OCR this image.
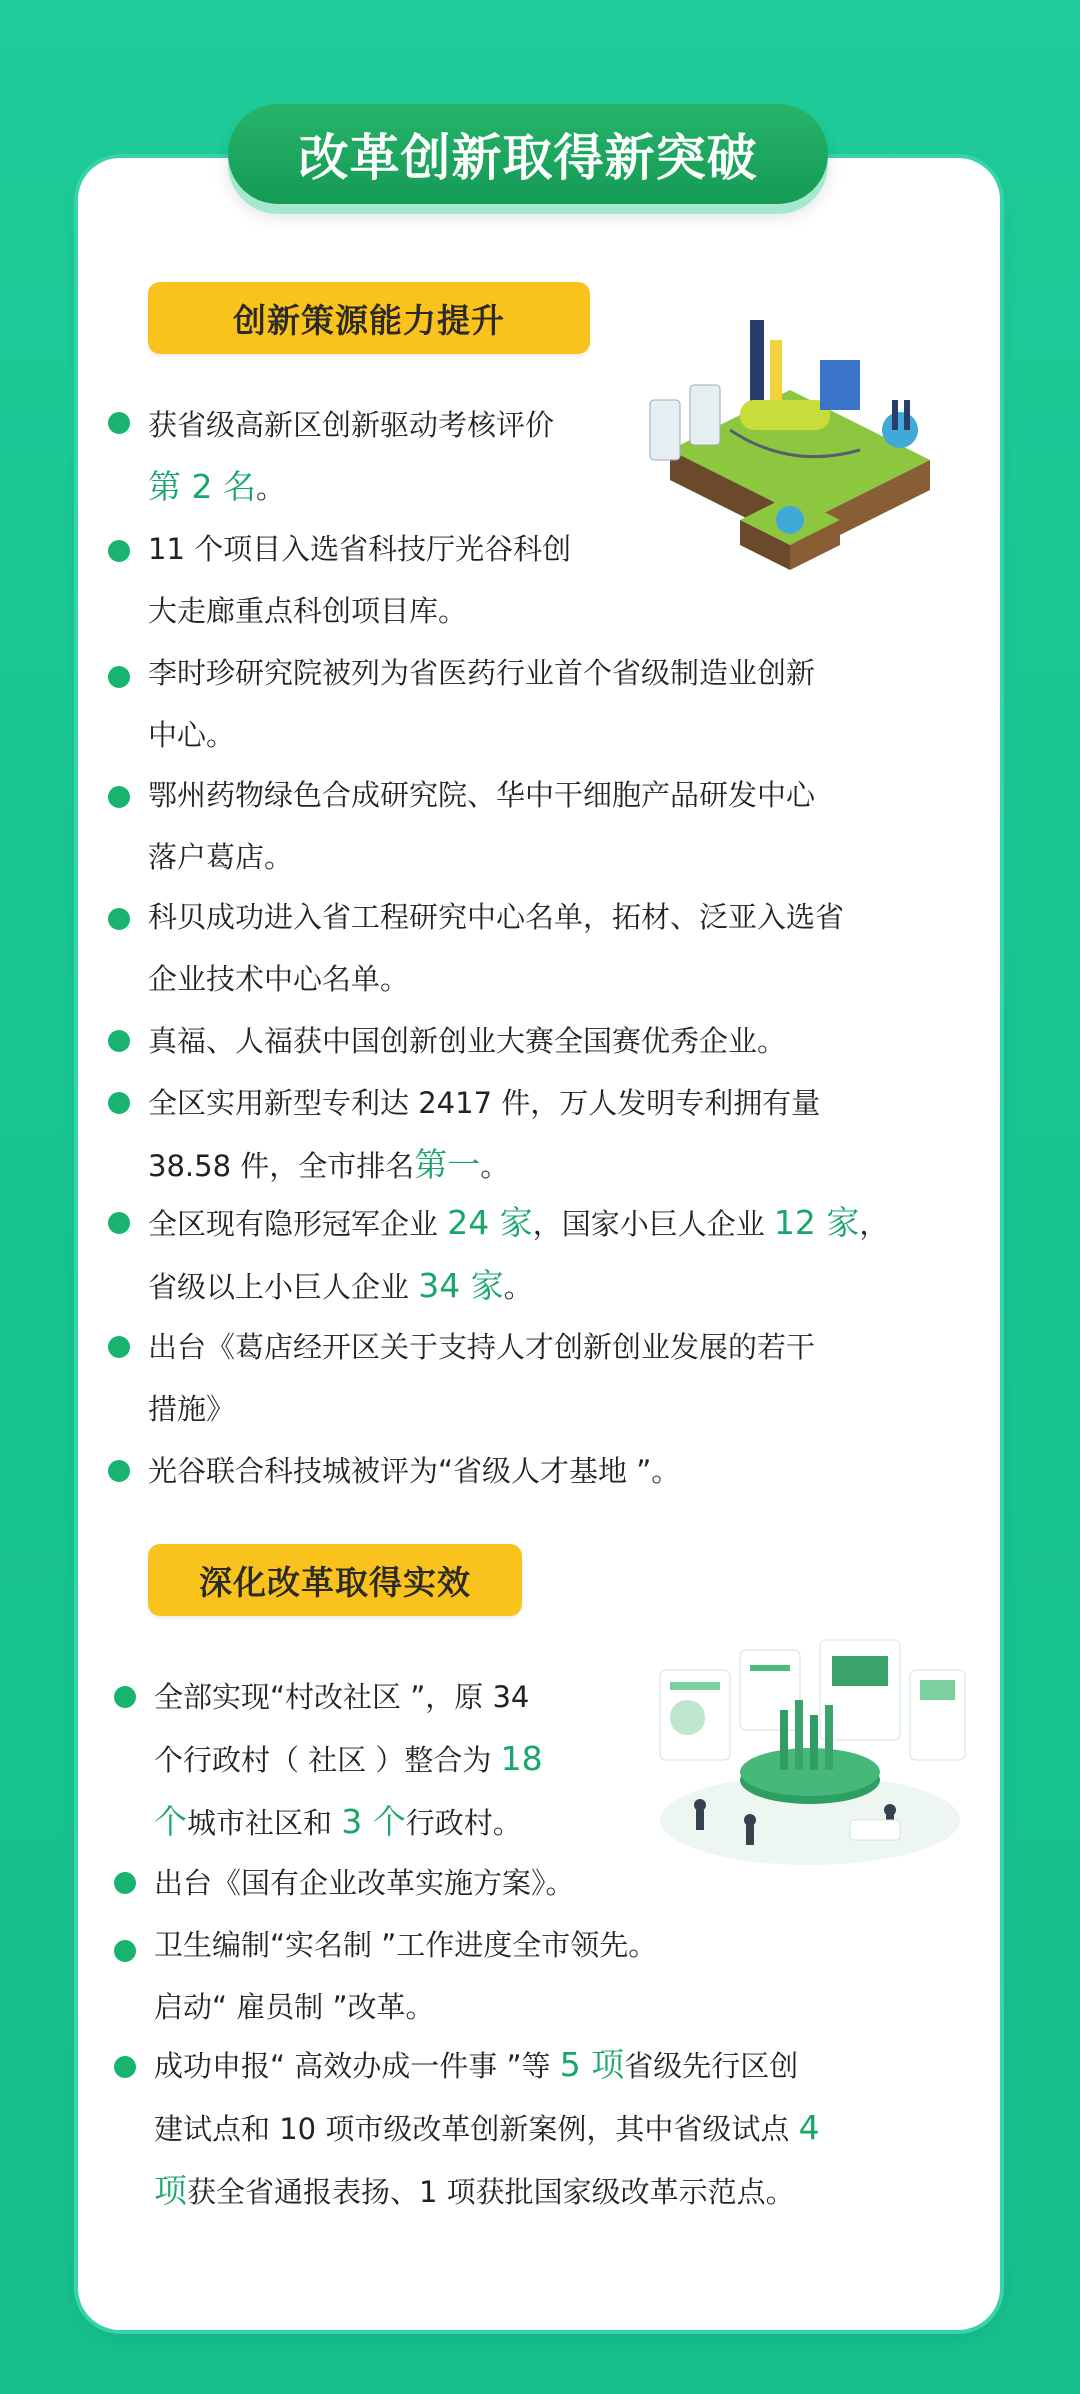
改革创新取得新突破
创新策源能力提升
获省级高新区创新驱动考核评价
第 2 名。
11 个项目入选省科技厅光谷科创
大走廊重点科创项目库。
李时珍研究院被列为省医药行业首个省级制造业创新
中心。
鄂州药物绿色合成研究院、华中干细胞产品研发中心
落户葛店。
科贝成功进入省工程研究中心名单，拓材、泛亚入选省
企业技术中心名单。
真福、人福获中国创新创业大赛全国赛优秀企业。
全区实用新型专利达 2417 件，万人发明专利拥有量
38.58 件，全市排名第一。
全区现有隐形冠军企业 24 家，国家小巨人企业 12 家，
省级以上小巨人企业 34 家。
出台《葛店经开区关于支持人才创新创业发展的若干
措施》
光谷联合科技城被评为“省级人才基地 ”。
深化改革取得实效
全部实现“村改社区 ”，原 34
个行政村（ 社区 ）整合为 18
个城市社区和 3 个行政村。
出台《国有企业改革实施方案》。
卫生编制“实名制 ”工作进度全市领先。
启动“ 雇员制 ”改革。
成功申报“ 高效办成一件事 ”等 5 项省级先行区创
建试点和 10 项市级改革创新案例，其中省级试点 4
项获全省通报表扬、1 项获批国家级改革示范点。
